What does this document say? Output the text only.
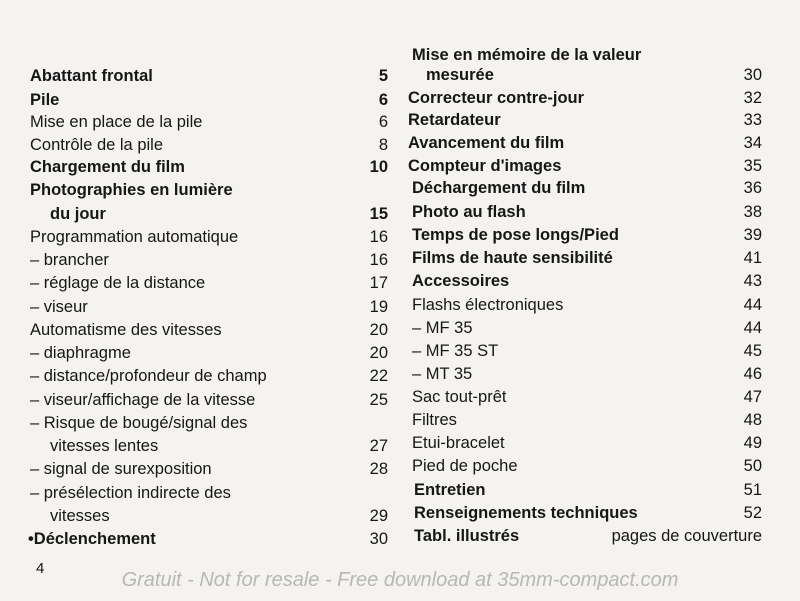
Abattant frontal	5
Pile	6
Mise en place de la pile	6
Contrôle de la pile	8
Chargement du film	10
Photographies en lumière
du jour	15
Programmation automatique	16
– brancher	16
– réglage de la distance	17
– viseur	19
Automatisme des vitesses	20
– diaphragme	20
– distance/profondeur de champ	22
– viseur/affichage de la vitesse	25
– Risque de bougé/signal des
vitesses lentes	27
– signal de surexposition	28
– présélection indirecte des
vitesses	29
•Déclenchement	30
Mise en mémoire de la valeur
mesurée	30
Correcteur contre-jour	32
Retardateur	33
Avancement du film	34
Compteur d'images	35
Déchargement du film	36
Photo au flash	38
Temps de pose longs/Pied	39
Films de haute sensibilité	41
Accessoires	43
Flashs électroniques	44
– MF 35	44
– MF 35 ST	45
– MT 35	46
Sac tout-prêt	47
Filtres	48
Etui-bracelet	49
Pied de poche	50
Entretien	51
Renseignements techniques	52
Tabl. illustrés	pages de couverture
4
Gratuit - Not for resale - Free download at 35mm-compact.com
